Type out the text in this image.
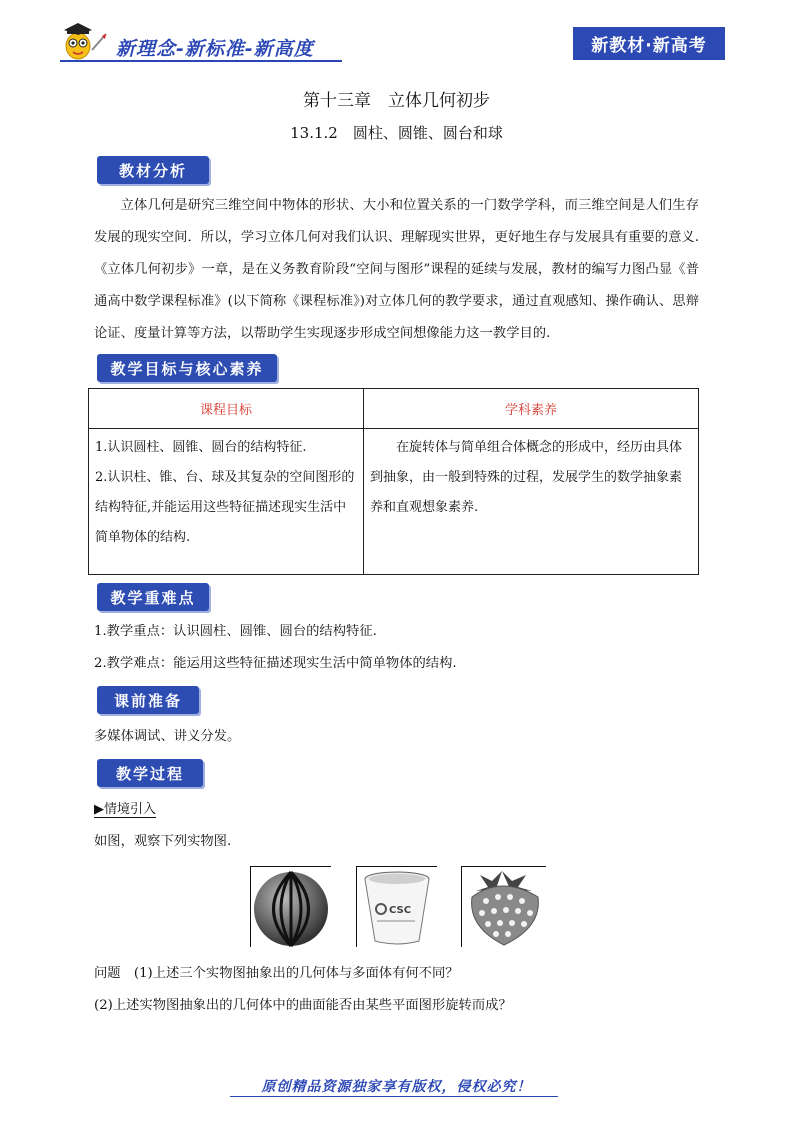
新理念-新标准-新高度	新教材·新高考
第十三章　立体几何初步
13.1.2　圆柱、圆锥、圆台和球
教材分析
立体几何是研究三维空间中物体的形状、大小和位置关系的一门数学学科，而三维空间是人们生存发展的现实空间．所以，学习立体几何对我们认识、理解现实世界，更好地生存与发展具有重要的意义.《立体几何初步》一章，是在义务教育阶段“空间与图形”课程的延续与发展，教材的编写力图凸显《普通高中数学课程标准》(以下简称《课程标准》)对立体几何的教学要求，通过直观感知、操作确认、思辩论证、度量计算等方法，以帮助学生实现逐步形成空间想像能力这一教学目的.
教学目标与核心素养
课程目标	学科素养

1.认识圆柱、圆锥、圆台的结构特征.
2.认识柱、锥、台、球及其复杂的空间图形的结构特征,并能运用这些特征描述现实生活中简单物体的结构.	在旋转体与简单组合体概念的形成中，经历由具体到抽象，由一般到特殊的过程，发展学生的数学抽象素养和直观想象素养.
教学重难点
1.教学重点：认识圆柱、圆锥、圆台的结构特征.
2.教学难点：能运用这些特征描述现实生活中简单物体的结构.
课前准备
多媒体调试、讲义分发。
教学过程
▶情境引入
如图，观察下列实物图.
CSC
问题　(1)上述三个实物图抽象出的几何体与多面体有何不同？
(2)上述实物图抽象出的几何体中的曲面能否由某些平面图形旋转而成？
原创精品资源独家享有版权，侵权必究！
